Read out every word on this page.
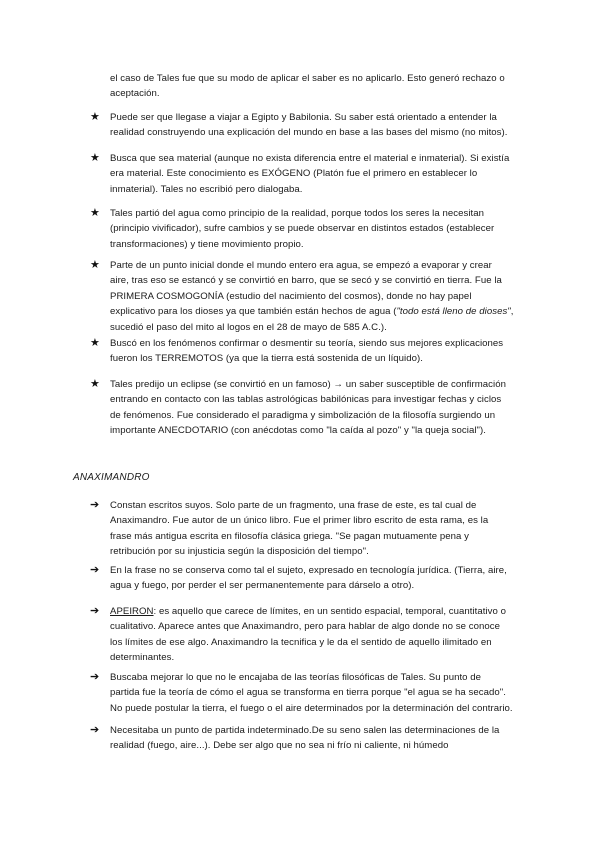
el caso de Tales fue que su modo de aplicar el saber es no aplicarlo. Esto generó rechazo o
aceptación.
★ Puede ser que llegase a viajar a Egipto y Babilonia. Su saber está orientado a entender la
realidad construyendo una explicación del mundo en base a las bases del mismo (no mitos).
★ Busca que sea material (aunque no exista diferencia entre el material e inmaterial). Si existía
era material. Este conocimiento es EXÓGENO (Platón fue el primero en establecer lo
inmaterial). Tales no escribió pero dialogaba.
★ Tales partió del agua como principio de la realidad, porque todos los seres la necesitan
(principio vivificador), sufre cambios y se puede observar en distintos estados (establecer
transformaciones) y tiene movimiento propio.
★ Parte de un punto inicial donde el mundo entero era agua, se empezó a evaporar y crear
aire, tras eso se estancó y se convirtió en barro, que se secó y se convirtió en tierra. Fue la
PRIMERA COSMOGONÍA (estudio del nacimiento del cosmos), donde no hay papel
explicativo para los dioses ya que también están hechos de agua ("todo está lleno de dioses",
sucedió el paso del mito al logos en el 28 de mayo de 585 A.C.).
★ Buscó en los fenómenos confirmar o desmentir su teoría, siendo sus mejores explicaciones
fueron los TERREMOTOS (ya que la tierra está sostenida de un líquido).
★ Tales predijo un eclipse (se convirtió en un famoso) → un saber susceptible de confirmación
entrando en contacto con las tablas astrológicas babilónicas para investigar fechas y ciclos
de fenómenos. Fue considerado el paradigma y simbolización de la filosofía surgiendo un
importante ANECDOTARIO (con anécdotas como "la caída al pozo" y "la queja social").
ANAXIMANDRO
➔ Constan escritos suyos. Solo parte de un fragmento, una frase de este, es tal cual de
Anaximandro. Fue autor de un único libro. Fue el primer libro escrito de esta rama, es la
frase más antigua escrita en filosofía clásica griega. "Se pagan mutuamente pena y
retribución por su injusticia según la disposición del tiempo".
➔ En la frase no se conserva como tal el sujeto, expresado en tecnología jurídica. (Tierra, aire,
agua y fuego, por perder el ser permanentemente para dárselo a otro).
➔ APEIRON: es aquello que carece de límites, en un sentido espacial, temporal, cuantitativo o
cualitativo. Aparece antes que Anaximandro, pero para hablar de algo donde no se conoce
los límites de ese algo. Anaximandro la tecnifica y le da el sentido de aquello ilimitado en
determinantes.
➔ Buscaba mejorar lo que no le encajaba de las teorías filosóficas de Tales. Su punto de
partida fue la teoría de cómo el agua se transforma en tierra porque "el agua se ha secado".
No puede postular la tierra, el fuego o el aire determinados por la determinación del contrario.
➔ Necesitaba un punto de partida indeterminado.De su seno salen las determinaciones de la
realidad (fuego, aire...). Debe ser algo que no sea ni frío ni caliente, ni húmedo
